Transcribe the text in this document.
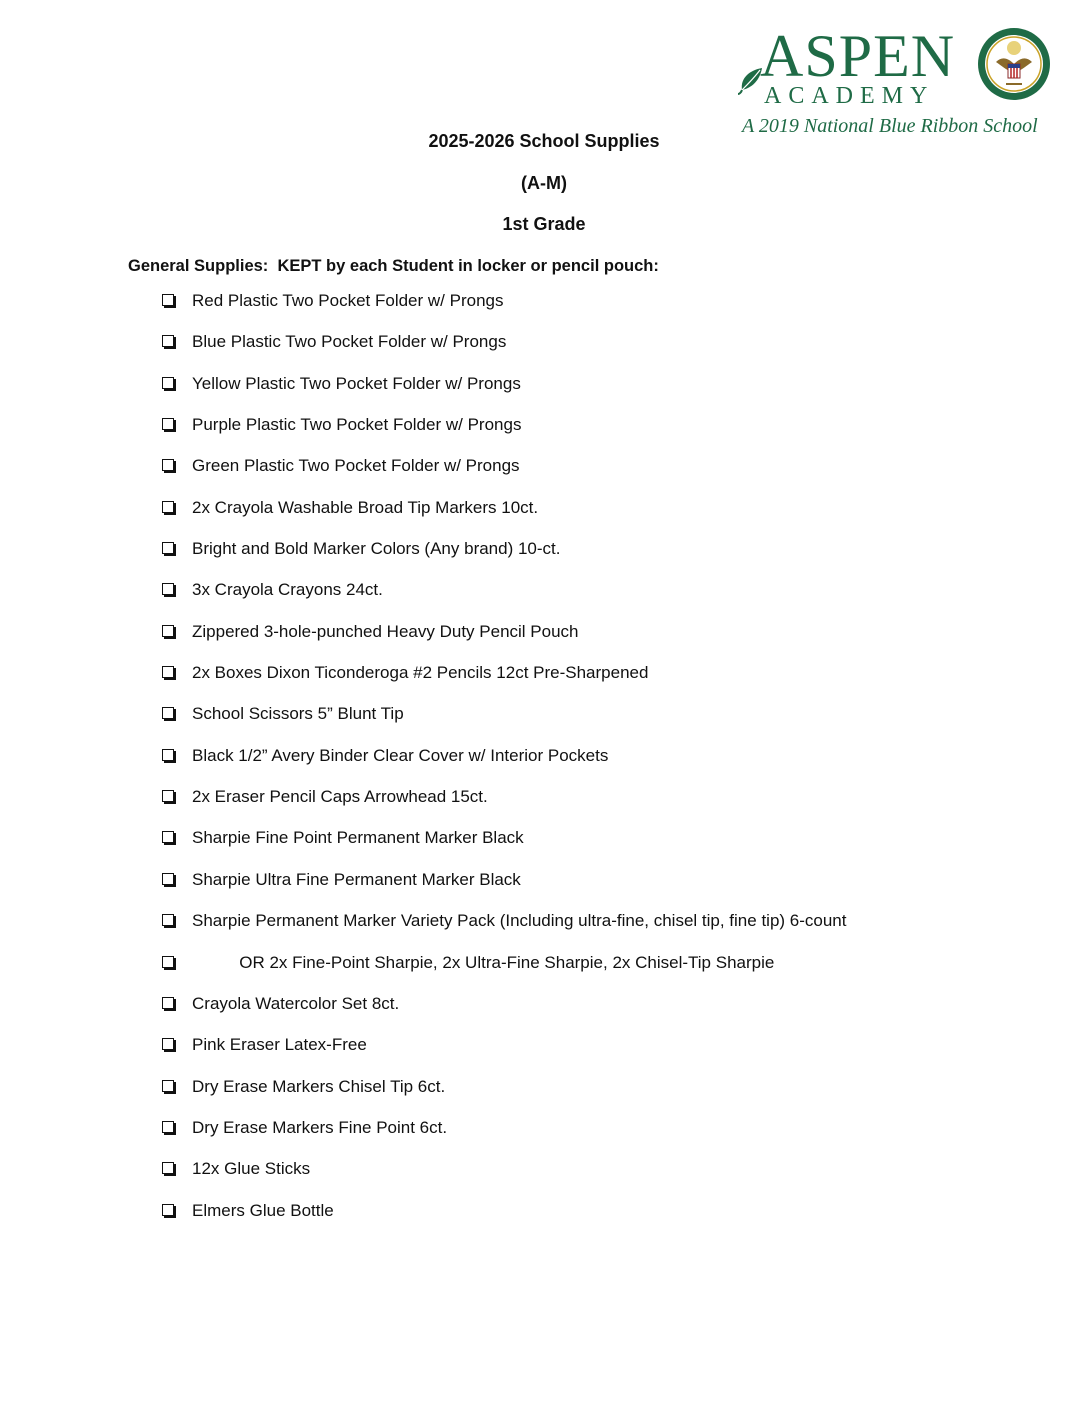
ASPEN
ACADEMY
A 2019 National Blue Ribbon School
2025-2026 School Supplies
(A-M)
1st Grade
General Supplies:  KEPT by each Student in locker or pencil pouch:
Red Plastic Two Pocket Folder w/ Prongs
Blue Plastic Two Pocket Folder w/ Prongs
Yellow Plastic Two Pocket Folder w/ Prongs
Purple Plastic Two Pocket Folder w/ Prongs
Green Plastic Two Pocket Folder w/ Prongs
2x Crayola Washable Broad Tip Markers 10ct.
Bright and Bold Marker Colors (Any brand) 10-ct.
3x Crayola Crayons 24ct.
Zippered 3-hole-punched Heavy Duty Pencil Pouch
2x Boxes Dixon Ticonderoga #2 Pencils 12ct Pre-Sharpened
School Scissors 5” Blunt Tip
Black 1/2” Avery Binder Clear Cover w/ Interior Pockets
2x Eraser Pencil Caps Arrowhead 15ct.
Sharpie Fine Point Permanent Marker Black
Sharpie Ultra Fine Permanent Marker Black
Sharpie Permanent Marker Variety Pack (Including ultra-fine, chisel tip, fine tip) 6-count
OR 2x Fine-Point Sharpie, 2x Ultra-Fine Sharpie, 2x Chisel-Tip Sharpie
Crayola Watercolor Set 8ct.
Pink Eraser Latex-Free
Dry Erase Markers Chisel Tip 6ct.
Dry Erase Markers Fine Point 6ct.
12x Glue Sticks
Elmers Glue Bottle
